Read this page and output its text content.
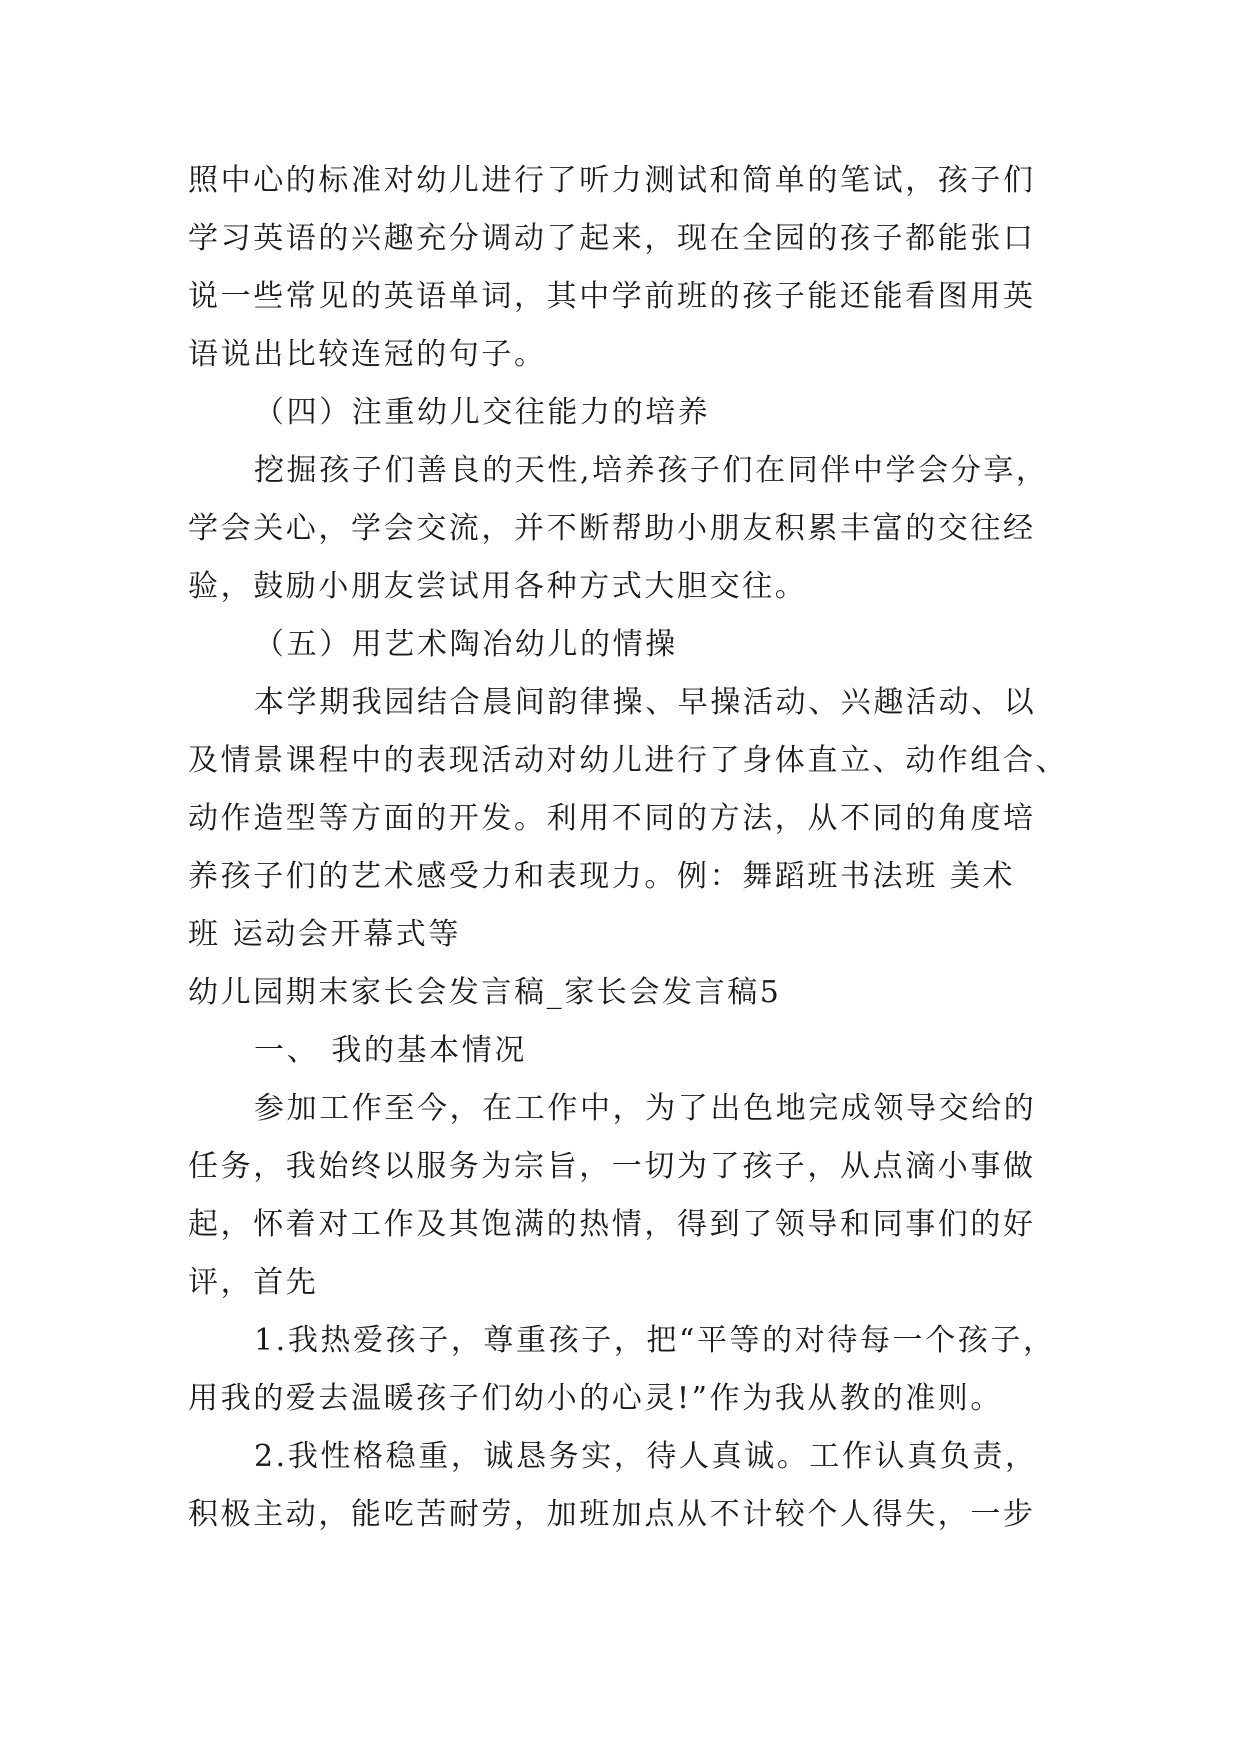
照中心的标准对幼儿进行了听力测试和简单的笔试，孩子们
学习英语的兴趣充分调动了起来，现在全园的孩子都能张口
说一些常见的英语单词，其中学前班的孩子能还能看图用英
语说出比较连冠的句子。
（四）注重幼儿交往能力的培养
挖掘孩子们善良的天性,培养孩子们在同伴中学会分享，
学会关心，学会交流，并不断帮助小朋友积累丰富的交往经
验，鼓励小朋友尝试用各种方式大胆交往。
（五）用艺术陶冶幼儿的情操
本学期我园结合晨间韵律操、早操活动、兴趣活动、以
及情景课程中的表现活动对幼儿进行了身体直立、动作组合、
动作造型等方面的开发。利用不同的方法，从不同的角度培
养孩子们的艺术感受力和表现力。例：舞蹈班书法班 美术
班 运动会开幕式等
幼儿园期末家长会发言稿_家长会发言稿5
一、 我的基本情况
参加工作至今，在工作中，为了出色地完成领导交给的
任务，我始终以服务为宗旨，一切为了孩子，从点滴小事做
起，怀着对工作及其饱满的热情，得到了领导和同事们的好
评，首先
1.我热爱孩子，尊重孩子，把“平等的对待每一个孩子，
用我的爱去温暖孩子们幼小的心灵!”作为我从教的准则。
2.我性格稳重，诚恳务实，待人真诚。工作认真负责，
积极主动，能吃苦耐劳，加班加点从不计较个人得失，一步
